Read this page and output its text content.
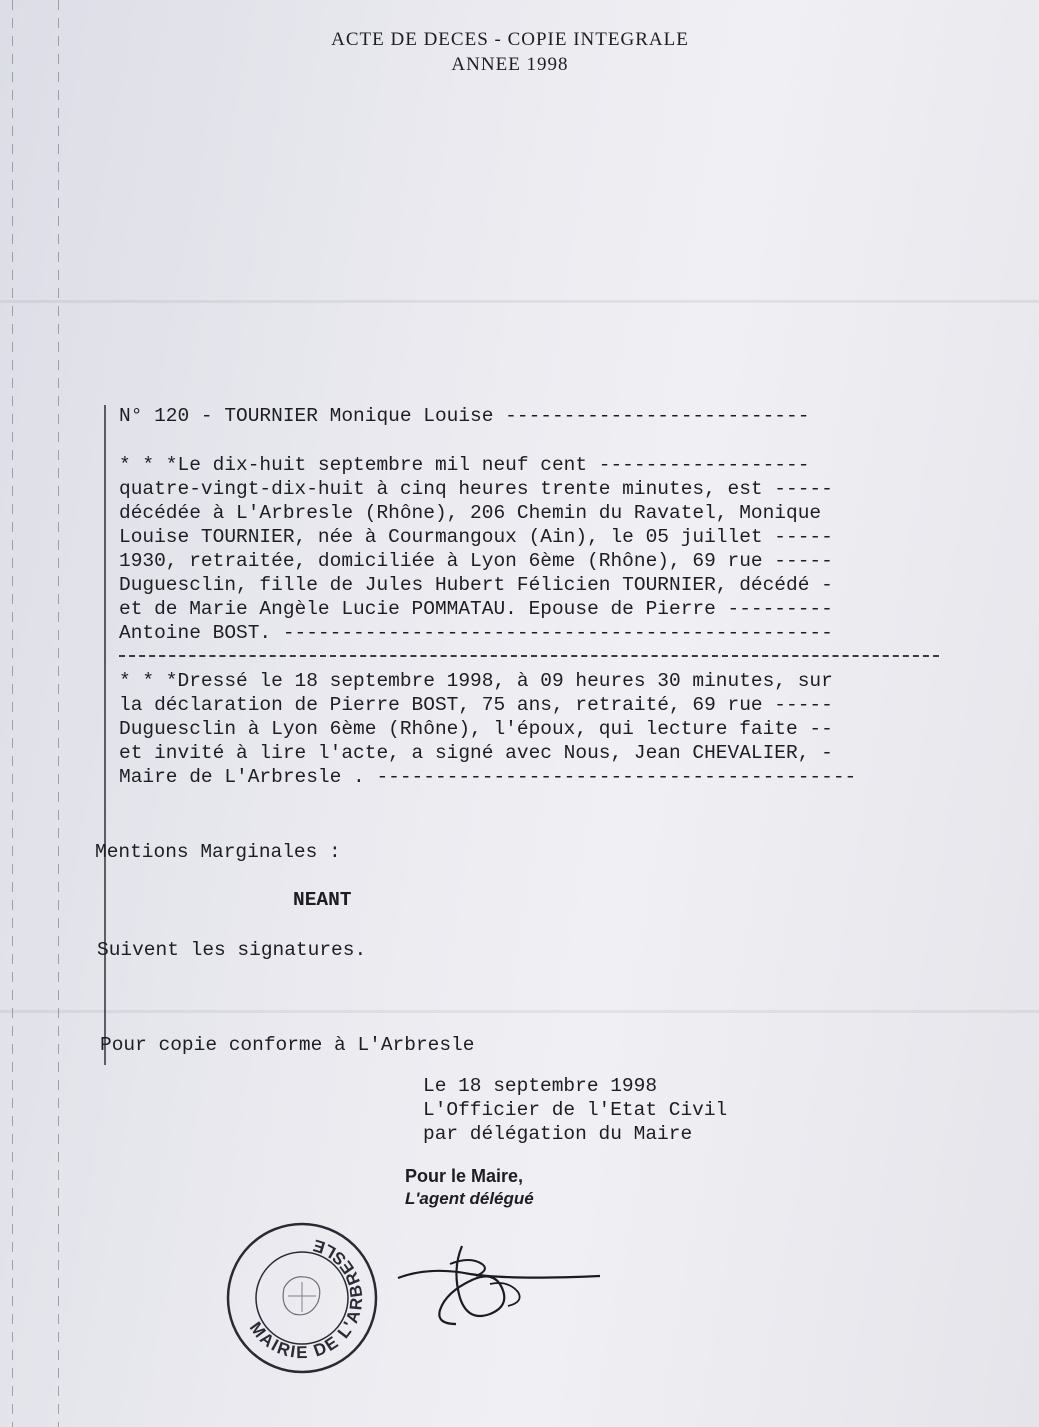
ACTE DE DECES - COPIE INTEGRALE
ANNEE 1998
N° 120 - TOURNIER Monique Louise --------------------------
* * *Le dix-huit septembre mil neuf cent ------------------
quatre-vingt-dix-huit à cinq heures trente minutes, est -----
décédée à L'Arbresle (Rhône), 206 Chemin du Ravatel, Monique
Louise TOURNIER, née à Courmangoux (Ain), le 05 juillet -----
1930, retraitée, domiciliée à Lyon 6ème (Rhône), 69 rue -----
Duguesclin, fille de Jules Hubert Félicien TOURNIER, décédé -
et de Marie Angèle Lucie POMMATAU. Epouse de Pierre ---------
Antoine BOST. -----------------------------------------------
* * *Dressé le 18 septembre 1998, à 09 heures 30 minutes, sur
la déclaration de Pierre BOST, 75 ans, retraité, 69 rue -----
Duguesclin à Lyon 6ème (Rhône), l'époux, qui lecture faite --
et invité à lire l'acte, a signé avec Nous, Jean CHEVALIER, -
Maire de L'Arbresle . -----------------------------------------
Mentions Marginales :
NEANT
Suivent les signatures.
Pour copie conforme à L'Arbresle
Le 18 septembre 1998
L'Officier de l'Etat Civil
par délégation du Maire
Pour le Maire,
L'agent délégué
MAIRIE DE L'ARBRESLE
